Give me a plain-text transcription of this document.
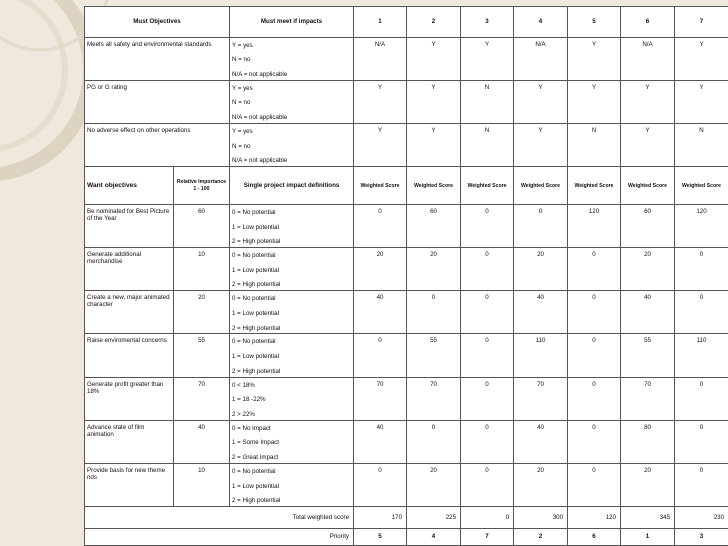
Must Objectives		Must meet if impacts	1	2	3	4	5	6	7
Meets all safety and environmental standards		Y = yes
N = no
N/A = not applicable	N/A	Y	Y	N/A	Y	N/A	Y
PG or G rating		Y = yes
N = no
N/A = not applicable	Y	Y	N	Y	Y	Y	Y
No adverse effect on other operations		Y = yes
N = no
N/A = not applicable	Y	Y	N	Y	N	Y	N
Want objectives	Relative Importance 1 - 100	Single project impact definitions	Weighted Score	Weighted Score	Weighted Score	Weighted Score	Weighted Score	Weighted Score	Weighted Score
Be nominated for Best Picture of the Year	60	0 = No potential
1 = Low potential
2 = High potential	0	60	0	0	120	60	120
Generate additional merchandise	10	0 = No potential
1 = Low potential
2 = High potential	20	20	0	20	0	20	0
Create a new, major animated character	20	0 = No potential
1 = Low potential
2 = High potential	40	0	0	40	0	40	0
Raise enviromental concerns	55	0 = No potential
1 = Low potential
2 = High potential	0	55	0	110	0	55	110
Generate profit greater than 18%	70	0 < 18%
1 = 18 -22%
2 > 22%	70	70	0	70	0	70	0
Advance state of film animation	40	0 = No Impact
1 = Some Impact
2 = Great Impact	40	0	0	40	0	80	0
Provide basis for new theme rids	10	0 = No potential
1 = Low potential
2 = High potential	0	20	0	20	0	20	0
Total weighted score			170	225	0	300	120	345	230
Priority			5	4	7	2	6	1	3
